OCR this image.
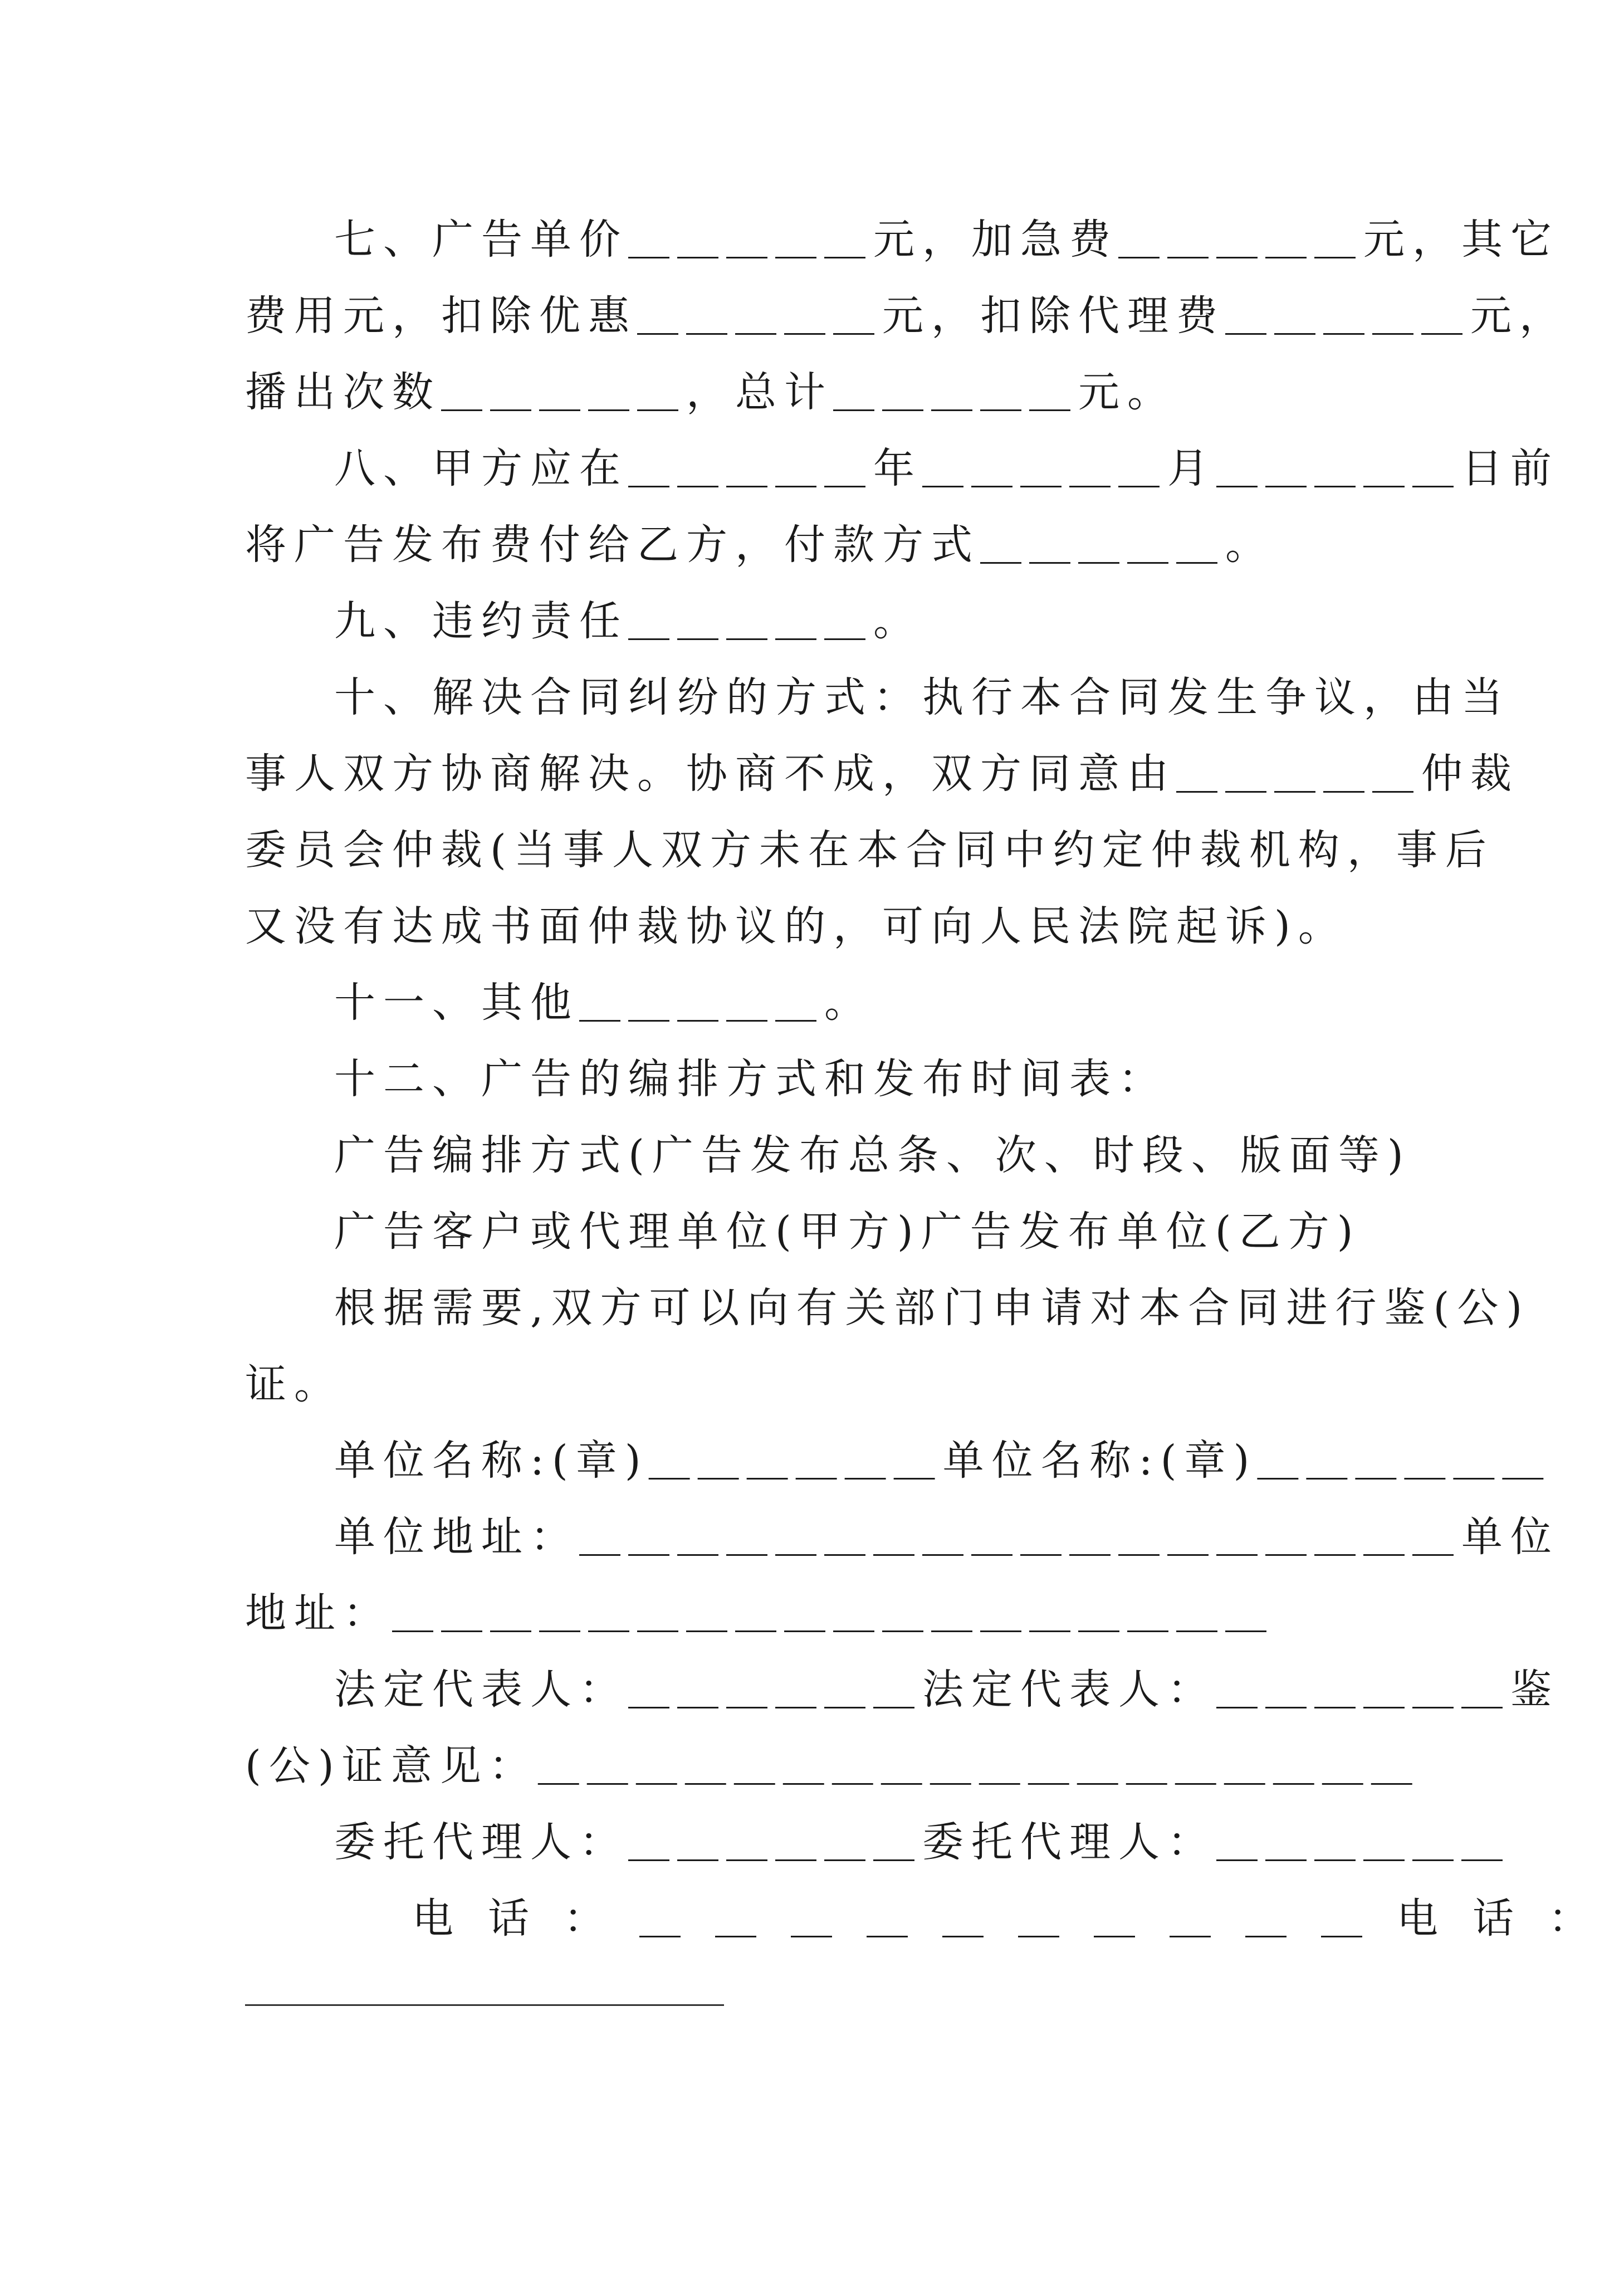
七、广告单价＿＿＿＿＿元，加急费＿＿＿＿＿元，其它
费用元，扣除优惠＿＿＿＿＿元，扣除代理费＿＿＿＿＿元，
播出次数＿＿＿＿＿，总计＿＿＿＿＿元。
八、甲方应在＿＿＿＿＿年＿＿＿＿＿月＿＿＿＿＿日前
将广告发布费付给乙方，付款方式＿＿＿＿＿。
九、违约责任＿＿＿＿＿。
十、解决合同纠纷的方式：执行本合同发生争议，由当
事人双方协商解决。协商不成，双方同意由＿＿＿＿＿仲裁
委员会仲裁(当事人双方未在本合同中约定仲裁机构，事后
又没有达成书面仲裁协议的，可向人民法院起诉)。
十一、其他＿＿＿＿＿。
十二、广告的编排方式和发布时间表：
广告编排方式(广告发布总条、次、时段、版面等)
广告客户或代理单位(甲方)广告发布单位(乙方)
根据需要,双方可以向有关部门申请对本合同进行鉴(公)
证。
单位名称:(章)＿＿＿＿＿＿单位名称:(章)＿＿＿＿＿＿
单位地址：＿＿＿＿＿＿＿＿＿＿＿＿＿＿＿＿＿＿单位
地址：＿＿＿＿＿＿＿＿＿＿＿＿＿＿＿＿＿＿
法定代表人：＿＿＿＿＿＿法定代表人：＿＿＿＿＿＿鉴
(公)证意见：＿＿＿＿＿＿＿＿＿＿＿＿＿＿＿＿＿＿
委托代理人：＿＿＿＿＿＿委托代理人：＿＿＿＿＿＿
电话：＿＿＿＿＿＿＿＿＿＿电话：
